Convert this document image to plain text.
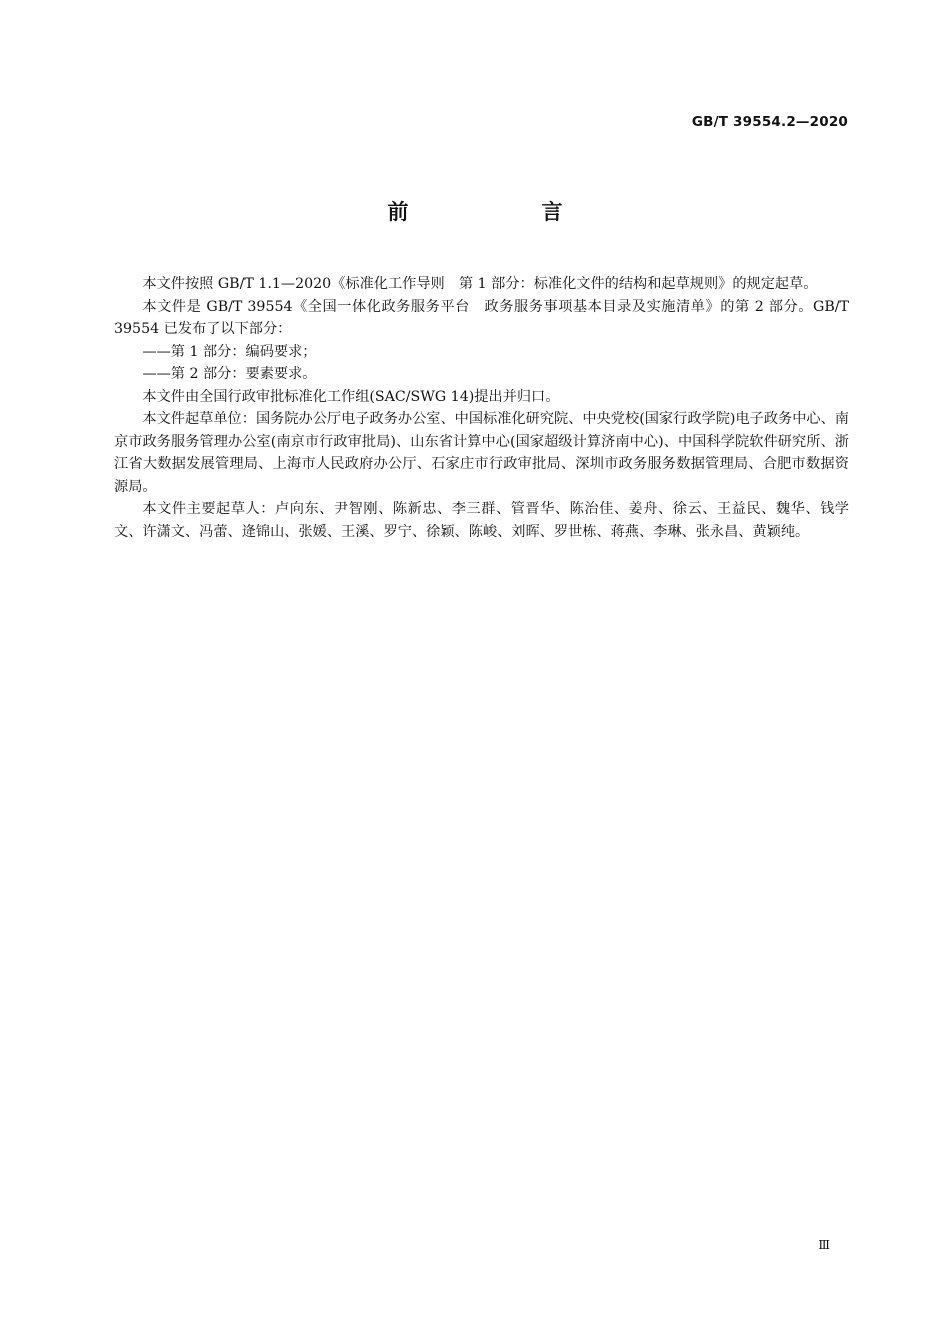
GB/T 39554.2—2020
前　言

本文件按照 GB/T 1.1—2020《标准化工作导则　第 1 部分：标准化文件的结构和起草规则》的规定起草。

本文件是 GB/T 39554《全国一体化政务服务平台　政务服务事项基本目录及实施清单》的第 2 部分。GB/T 39554 已发布了以下部分：

——第 1 部分：编码要求；

——第 2 部分：要素要求。

本文件由全国行政审批标准化工作组(SAC/SWG 14)提出并归口。

本文件起草单位：国务院办公厅电子政务办公室、中国标准化研究院、中央党校(国家行政学院)电子政务中心、南京市政务服务管理办公室(南京市行政审批局)、山东省计算中心(国家超级计算济南中心)、中国科学院软件研究所、浙江省大数据发展管理局、上海市人民政府办公厅、石家庄市行政审批局、深圳市政务服务数据管理局、合肥市数据资源局。

本文件主要起草人：卢向东、尹智刚、陈新忠、李三群、管晋华、陈治佳、姜舟、徐云、王益民、魏华、钱学文、许潇文、冯蕾、逄锦山、张媛、王溪、罗宁、徐颖、陈峻、刘晖、罗世栋、蒋燕、李琳、张永昌、黄颖纯。

Ⅲ
